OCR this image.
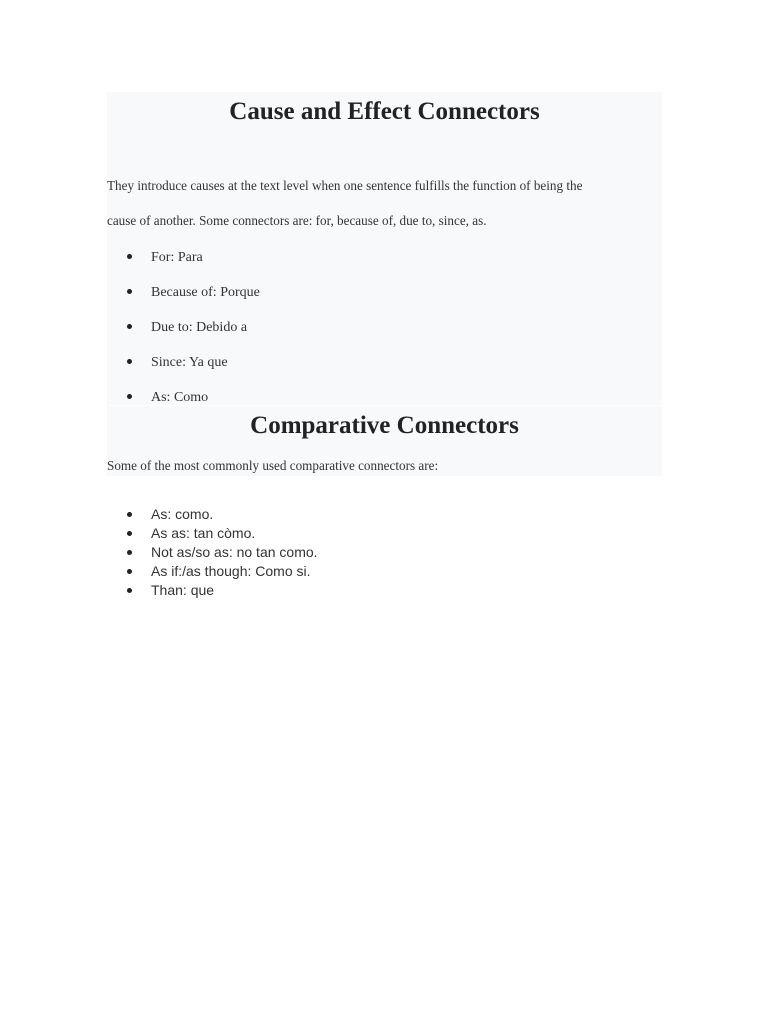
Cause and Effect Connectors

They introduce causes at the text level when one sentence fulfills the function of being the

cause of another. Some connectors are: for, because of, due to, since, as.

For: Para
Because of: Porque
Due to: Debido a
Since: Ya que
As: Como
Comparative Connectors

Some of the most commonly used comparative connectors are:

As: como.
As as: tan còmo.
Not as/so as: no tan como.
As if:/as though: Como si.
Than: que
